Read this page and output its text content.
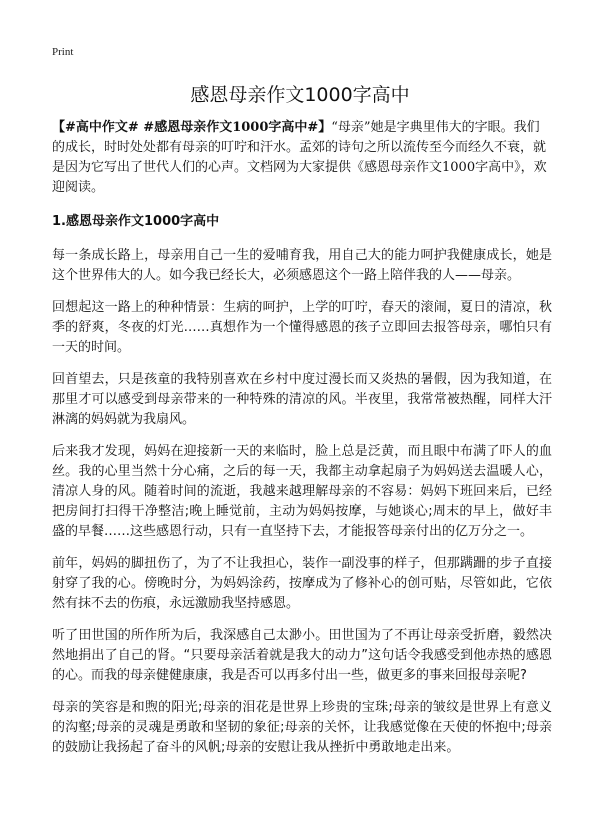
Print
感恩母亲作文1000字高中

【#高中作文# #感恩母亲作文1000字高中#】“母亲”她是字典里伟大的字眼。我们的成长，时时处处都有母亲的叮咛和汗水。孟郊的诗句之所以流传至今而经久不衰，就是因为它写出了世代人们的心声。文档网为大家提供《感恩母亲作文1000字高中》，欢迎阅读。

1.感恩母亲作文1000字高中

每一条成长路上，母亲用自己一生的爱哺育我，用自己大的能力呵护我健康成长，她是这个世界伟大的人。如今我已经长大，必须感恩这个一路上陪伴我的人——母亲。

回想起这一路上的种种情景：生病的呵护，上学的叮咛，春天的滚闹，夏日的清凉，秋季的舒爽，冬夜的灯光……真想作为一个懂得感恩的孩子立即回去报答母亲，哪怕只有一天的时间。

回首望去，只是孩童的我特别喜欢在乡村中度过漫长而又炎热的暑假，因为我知道，在那里才可以感受到母亲带来的一种特殊的清凉的风。半夜里，我常常被热醒，同样大汗淋漓的妈妈就为我扇风。

后来我才发现，妈妈在迎接新一天的来临时，脸上总是泛黄，而且眼中布满了吓人的血丝。我的心里当然十分心痛，之后的每一天，我都主动拿起扇子为妈妈送去温暖人心，清凉人身的风。随着时间的流逝，我越来越理解母亲的不容易：妈妈下班回来后，已经把房间打扫得干净整洁;晚上睡觉前，主动为妈妈按摩，与她谈心;周末的早上，做好丰盛的早餐……这些感恩行动，只有一直坚持下去，才能报答母亲付出的亿万分之一。

前年，妈妈的脚扭伤了，为了不让我担心，装作一副没事的样子，但那蹒跚的步子直接射穿了我的心。傍晚时分，为妈妈涂药，按摩成为了修补心的创可贴，尽管如此，它依然有抹不去的伤痕，永远激励我坚持感恩。

听了田世国的所作所为后，我深感自己太渺小。田世国为了不再让母亲受折磨，毅然决然地捐出了自己的肾。“只要母亲活着就是我大的动力”这句话令我感受到他赤热的感恩的心。而我的母亲健健康康，我是否可以再多付出一些，做更多的事来回报母亲呢?

母亲的笑容是和煦的阳光;母亲的泪花是世界上珍贵的宝珠;母亲的皱纹是世界上有意义的沟壑;母亲的灵魂是勇敢和坚韧的象征;母亲的关怀，让我感觉像在天使的怀抱中;母亲的鼓励让我扬起了奋斗的风帆;母亲的安慰让我从挫折中勇敢地走出来。
